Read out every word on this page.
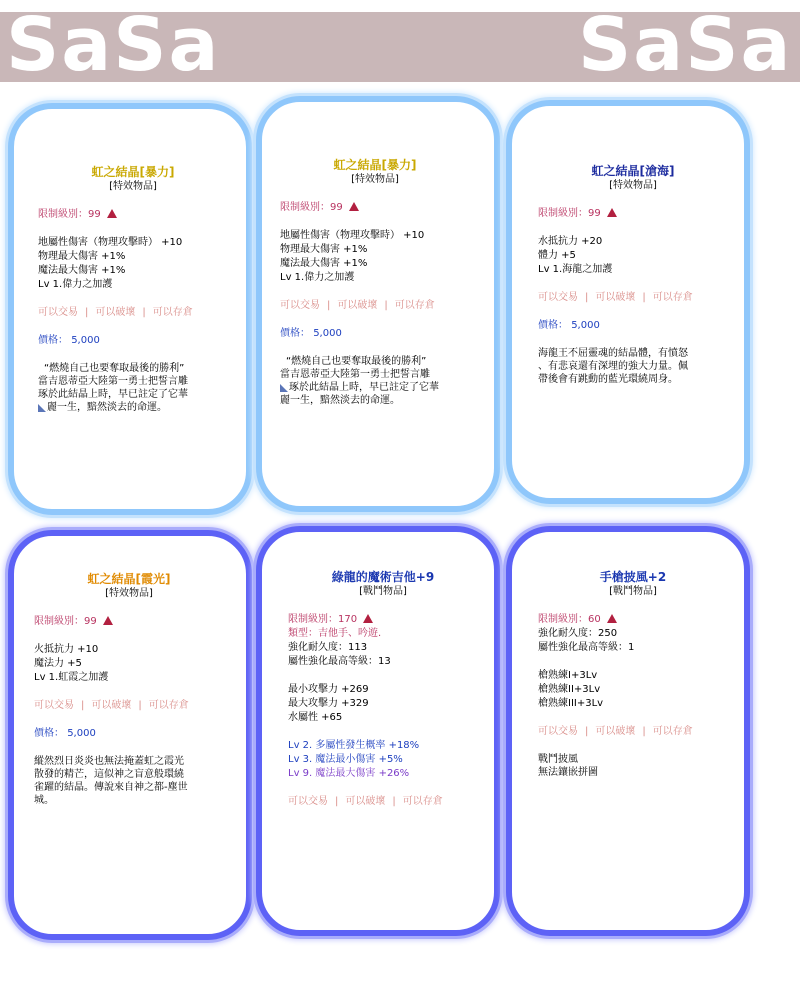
SaSa	SaSa
虹之結晶[暴力]
[特效物品]
限制級別：99
地屬性傷害（物理攻擊時） +10
物理最大傷害 +1%
魔法最大傷害 +1%
Lv 1.偉力之加護
可以交易 | 可以破壞 | 可以存倉
價格： 5,000
“燃燒自己也要奪取最後的勝利”
當吉恩蒂亞大陸第一勇士把誓言雕
琢於此結晶上時，早已註定了它華
麗一生，黯然淡去的命運。
虹之結晶[暴力]
[特效物品]
限制級別：99
地屬性傷害（物理攻擊時） +10
物理最大傷害 +1%
魔法最大傷害 +1%
Lv 1.偉力之加護
可以交易 | 可以破壞 | 可以存倉
價格： 5,000
“燃燒自己也要奪取最後的勝利”
當吉恩蒂亞大陸第一勇士把誓言雕
琢於此結晶上時，早已註定了它華
麗一生，黯然淡去的命運。
虹之結晶[滄海]
[特效物品]
限制級別：99
水抵抗力 +20
體力 +5
Lv 1.海龍之加護
可以交易 | 可以破壞 | 可以存倉
價格： 5,000
海龍王不屈靈魂的結晶體，有憤怒
、有悲哀還有深埋的強大力量。佩
帶後會有跳動的藍光環繞周身。
虹之結晶[霞光]
[特效物品]
限制級別：99
火抵抗力 +10
魔法力 +5
Lv 1.虹霞之加護
可以交易 | 可以破壞 | 可以存倉
價格： 5,000
縱然烈日炎炎也無法掩蓋虹之霞光
散發的精芒，這似神之盲意般環繞
雀躍的結晶。傳說來自神之都-塵世
城。
綠龍的魔術吉他+9
[戰鬥物品]
限制級別：170
類型：吉他手、吟遊.
強化耐久度：113
屬性強化最高等級：13
最小攻擊力 +269
最大攻擊力 +329
水屬性 +65
Lv 2. 多屬性發生概率 +18%
Lv 3. 魔法最小傷害 +5%
Lv 9. 魔法最大傷害 +26%
可以交易 | 可以破壞 | 可以存倉
手槍披風+2
[戰鬥物品]
限制級別：60
強化耐久度：250
屬性強化最高等級：1
槍熟練I+3Lv
槍熟練II+3Lv
槍熟練III+3Lv
可以交易 | 可以破壞 | 可以存倉
戰鬥披風
無法鑲嵌拼圖
